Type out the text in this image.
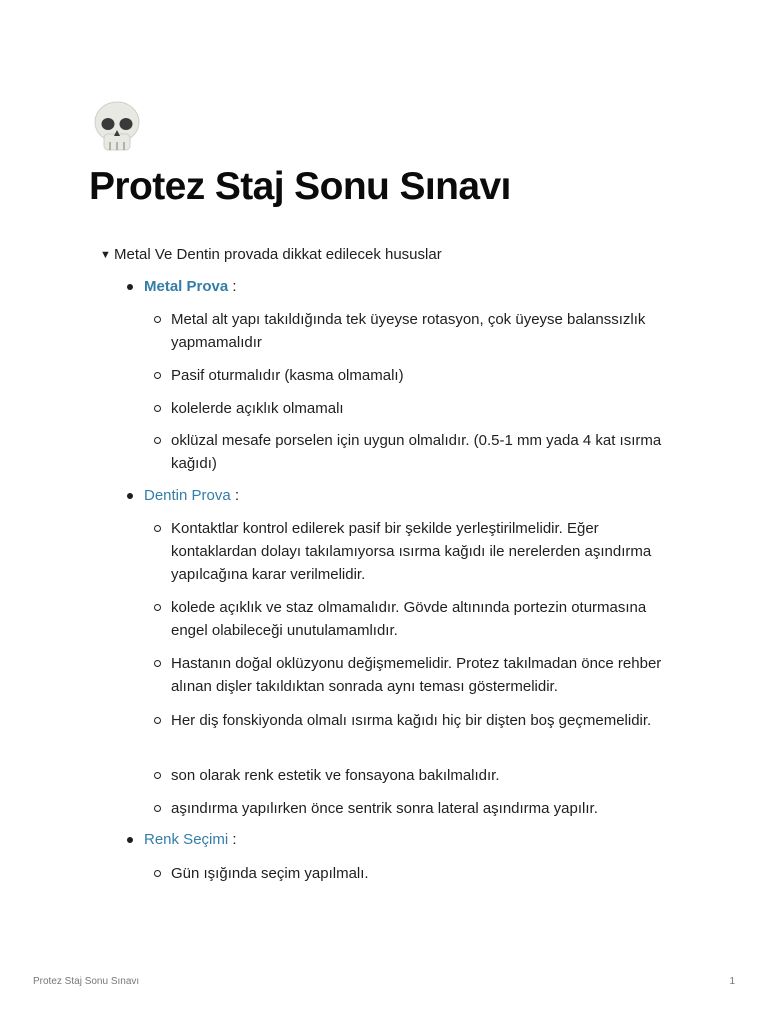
Protez Staj Sonu Sınavı
▼ Metal Ve Dentin provada dikkat edilecek hususlar
Metal Prova :
Metal alt yapı takıldığında tek üyeyse rotasyon, çok üyeyse balanssızlık yapmamalıdır
Pasif oturmalıdır (kasma olmamalı)
kolelerde açıklık olmamalı
oklüzal mesafe porselen için uygun olmalıdır. (0.5-1 mm yada 4 kat ısırma kağıdı)
Dentin Prova :
Kontaktlar kontrol edilerek pasif bir şekilde yerleştirilmelidir. Eğer kontaklardan dolayı takılamıyorsa ısırma kağıdı ile nerelerden aşındırma yapılcağına karar verilmelidir.
kolede açıklık ve staz olmamalıdır. Gövde altınında portezin oturmasına engel olabileceği unutulamamlıdır.
Hastanın doğal oklüzyonu değişmemelidir. Protez takılmadan önce rehber alınan dişler takıldıktan sonrada aynı teması göstermelidir.
Her diş fonskiyonda olmalı ısırma kağıdı hiç bir dişten boş geçmemelidir.
son olarak renk estetik ve fonsayona bakılmalıdır.
aşındırma yapılırken önce sentrik sonra lateral aşındırma yapılır.
Renk Seçimi :
Gün ışığında seçim yapılmalı.
Protez Staj Sonu Sınavı	1
